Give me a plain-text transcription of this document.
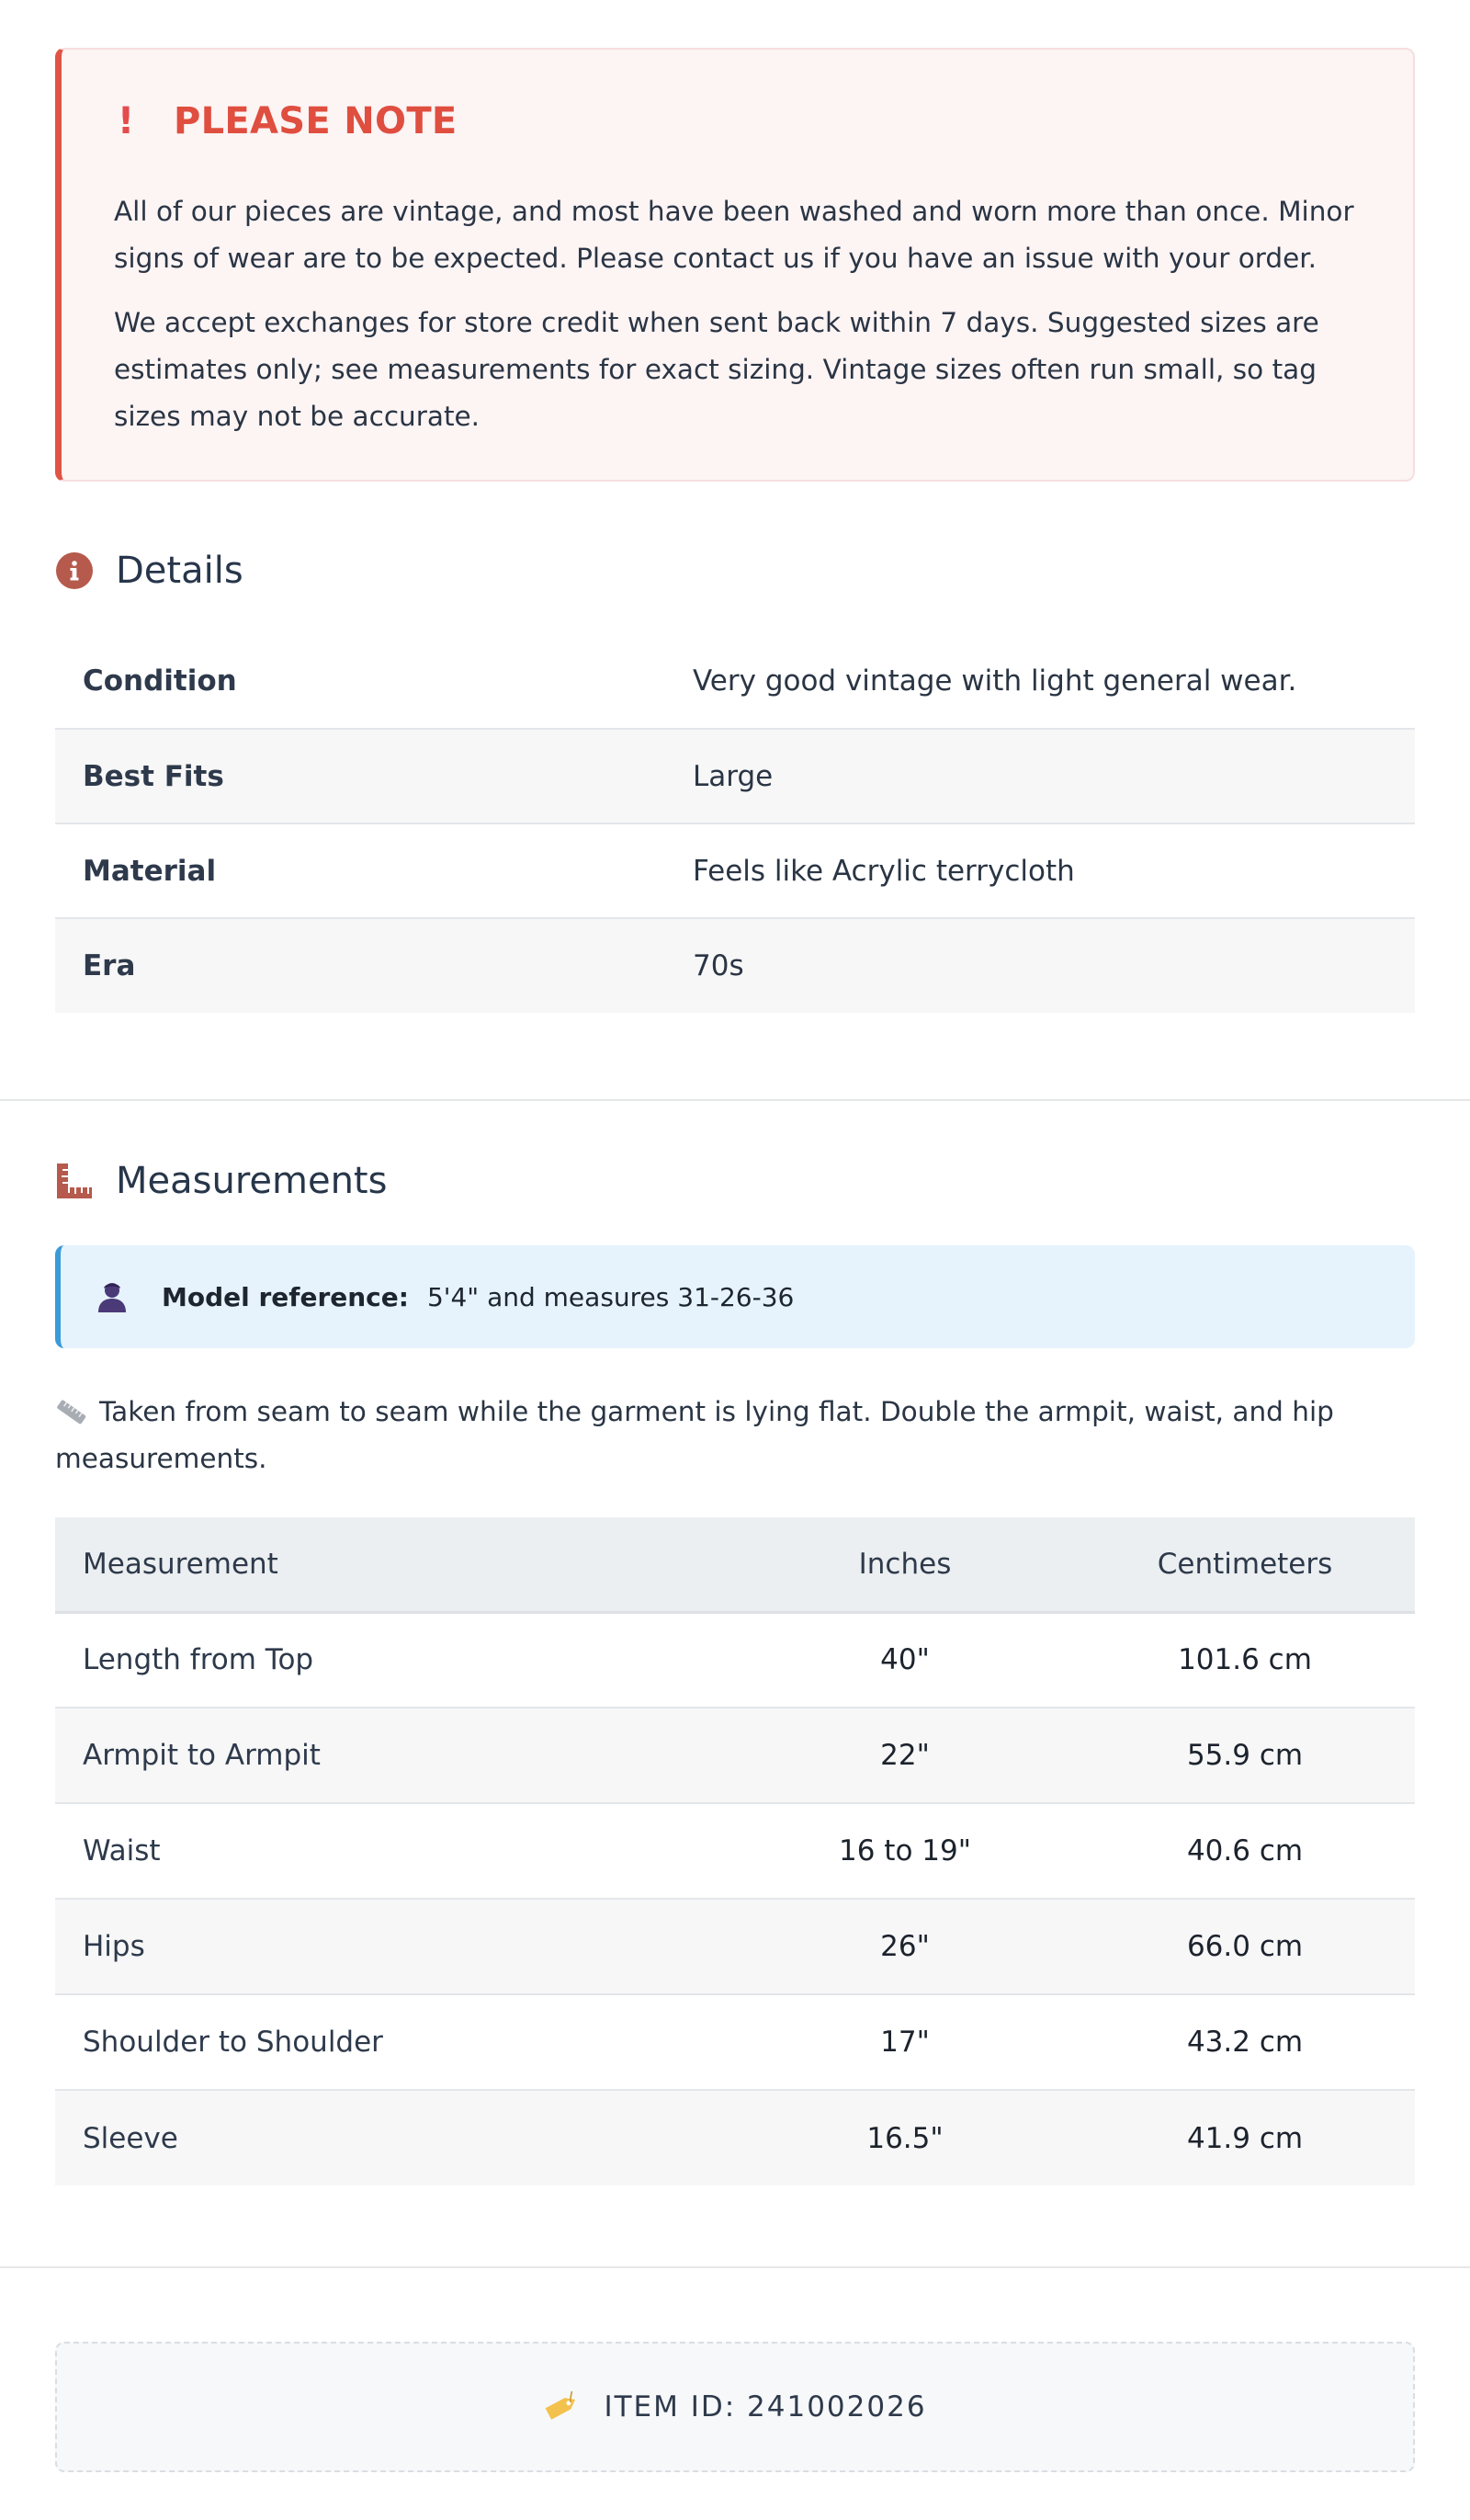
! PLEASE NOTE

All of our pieces are vintage, and most have been washed and worn more than once. Minor signs of wear are to be expected. Please contact us if you have an issue with your order.

We accept exchanges for store credit when sent back within 7 days. Suggested sizes are estimates only; see measurements for exact sizing. Vintage sizes often run small, so tag sizes may not be accurate.

Details
Condition	Very good vintage with light general wear.
Best Fits	Large
Material	Feels like Acrylic terrycloth
Era	70s
Measurements
Model reference: 5'4" and measures 31-26-36

Taken from seam to seam while the garment is lying flat. Double the armpit, waist, and hip measurements.

Measurement	Inches	Centimeters
Length from Top	40"	101.6 cm
Armpit to Armpit	22"	55.9 cm
Waist	16 to 19"	40.6 cm
Hips	26"	66.0 cm
Shoulder to Shoulder	17"	43.2 cm
Sleeve	16.5"	41.9 cm
ITEM ID: 241002026
